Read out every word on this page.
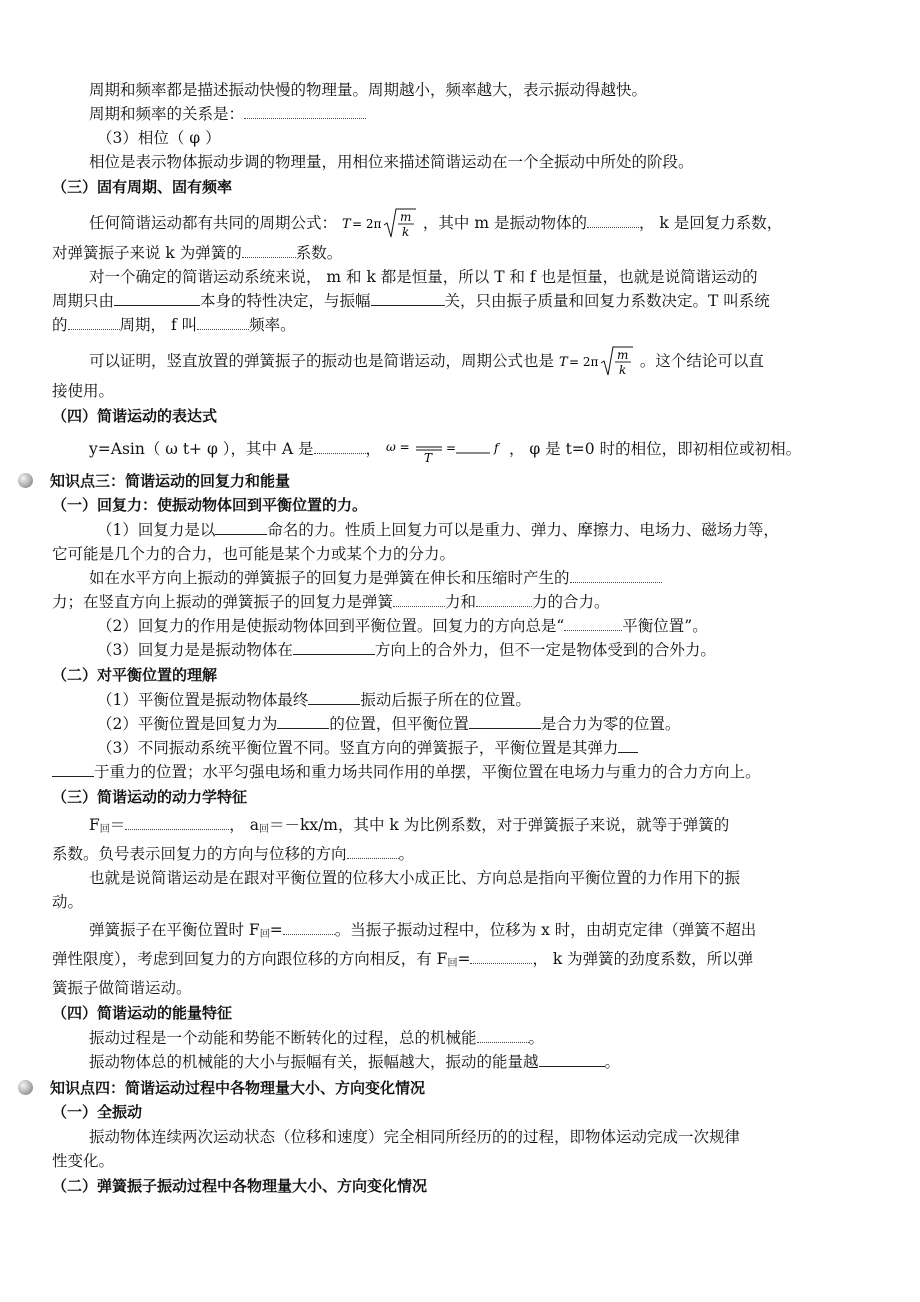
周期和频率都是描述振动快慢的物理量。周期越小，频率越大，表示振动得越快。

周期和频率的关系是：

（3）相位（ φ ）

相位是表示物体振动步调的物理量，用相位来描述简谐运动在一个全振动中所处的阶段。

（三）固有周期、固有频率

任何简谐运动都有共同的周期公式： T = 2π m
k ，其中 m 是振动物体的	， k 是回复力系数，

对弹簧振子来说 k 为弹簧的	系数。

对一个确定的简谐运动系统来说， m 和 k 都是恒量，所以 T 和 f 也是恒量，也就是说简谐运动的

周期只由	本身的特性决定，与振幅	关，只由振子质量和回复力系数决定。T 叫系统

的	周期， f 叫	频率。

可以证明，竖直放置的弹簧振子的振动也是简谐运动，周期公式也是 T = 2π m
k 。这个结论可以直

接使用。

（四）简谐运动的表达式

y=Asin（ ω t+ φ ），其中 A 是	， ω =
T
=	f ， φ 是 t=0 时的相位，即初相位或初相。

知识点三：简谐运动的回复力和能量

（一）回复力：使振动物体回到平衡位置的力。

（1）回复力是以	命名的力。性质上回复力可以是重力、弹力、摩擦力、电场力、磁场力等，

它可能是几个力的合力，也可能是某个力或某个力的分力。

如在水平方向上振动的弹簧振子的回复力是弹簧在伸长和压缩时产生的

力；在竖直方向上振动的弹簧振子的回复力是弹簧	力和	力的合力。

（2）回复力的作用是使振动物体回到平衡位置。回复力的方向总是“	平衡位置”。

（3）回复力是是振动物体在	方向上的合外力，但不一定是物体受到的合外力。

（二）对平衡位置的理解

（1）平衡位置是振动物体最终	振动后振子所在的位置。

（2）平衡位置是回复力为	的位置，但平衡位置	是合力为零的位置。

（3）不同振动系统平衡位置不同。竖直方向的弹簧振子，平衡位置是其弹力

于重力的位置；水平匀强电场和重力场共同作用的单摆，平衡位置在电场力与重力的合力方向上。

（三）简谐运动的动力学特征

$F_回=$	， $a_回=-kx/m$，其中 k 为比例系数，对于弹簧振子来说，就等于弹簧的

系数。负号表示回复力的方向与位移的方向	。

也就是说简谐运动是在跟对平衡位置的位移大小成正比、方向总是指向平衡位置的力作用下的振

动。

弹簧振子在平衡位置时 $F_回=$	。当振子振动过程中，位移为 x 时，由胡克定律（弹簧不超出

弹性限度），考虑到回复力的方向跟位移的方向相反，有 $F_回=$	， k 为弹簧的劲度系数，所以弹

簧振子做简谐运动。

（四）简谐运动的能量特征

振动过程是一个动能和势能不断转化的过程，总的机械能	。

振动物体总的机械能的大小与振幅有关，振幅越大，振动的能量越	。

知识点四：简谐运动过程中各物理量大小、方向变化情况

（一）全振动

振动物体连续两次运动状态（位移和速度）完全相同所经历的的过程，即物体运动完成一次规律

性变化。

（二）弹簧振子振动过程中各物理量大小、方向变化情况
